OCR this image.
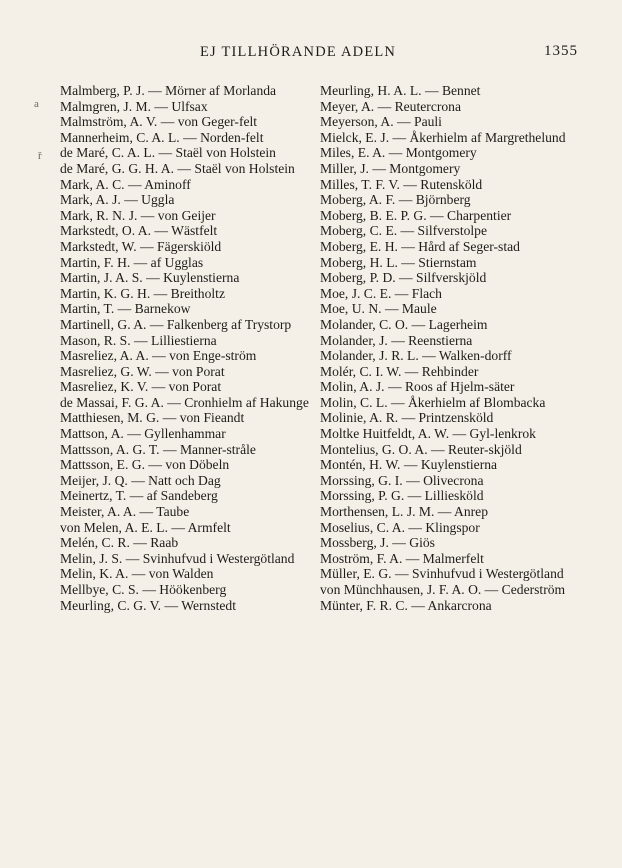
EJ TILLHÖRANDE ADELN	1355
a
ř
Malmberg, P. J. — Mörner af Morlanda
Malmgren, J. M. — Ulfsax
Malmström, A. V. — von Geger-felt
Mannerheim, C. A. L. — Norden-felt
de Maré, C. A. L. — Staël von Holstein
de Maré, G. G. H. A. — Staël von Holstein
Mark, A. C. — Aminoff
Mark, A. J. — Uggla
Mark, R. N. J. — von Geijer
Markstedt, O. A. — Wästfelt
Markstedt, W. — Fägerskiöld
Martin, F. H. — af Ugglas
Martin, J. A. S. — Kuylenstierna
Martin, K. G. H. — Breitholtz
Martin, T. — Barnekow
Martinell, G. A. — Falkenberg af Trystorp
Mason, R. S. — Lilliestierna
Masreliez, A. A. — von Enge-ström
Masreliez, G. W. — von Porat
Masreliez, K. V. — von Porat
de Massai, F. G. A. — Cronhielm af Hakunge
Matthiesen, M. G. — von Fieandt
Mattson, A. — Gyllenhammar
Mattsson, A. G. T. — Manner-stråle
Mattsson, E. G. — von Döbeln
Meijer, J. Q. — Natt och Dag
Meinertz, T. — af Sandeberg
Meister, A. A. — Taube
von Melen, A. E. L. — Armfelt
Melén, C. R. — Raab
Melin, J. S. — Svinhufvud i Westergötland
Melin, K. A. — von Walden
Mellbye, C. S. — Höökenberg
Meurling, C. G. V. — Wernstedt
Meurling, H. A. L. — Bennet
Meyer, A. — Reutercrona
Meyerson, A. — Pauli
Mielck, E. J. — Åkerhielm af Margrethelund
Miles, E. A. — Montgomery
Miller, J. — Montgomery
Milles, T. F. V. — Rutensköld
Moberg, A. F. — Björnberg
Moberg, B. E. P. G. — Charpentier
Moberg, C. E. — Silfverstolpe
Moberg, E. H. — Hård af Seger-stad
Moberg, H. L. — Stiernstam
Moberg, P. D. — Silfverskjöld
Moe, J. C. E. — Flach
Moe, U. N. — Maule
Molander, C. O. — Lagerheim
Molander, J. — Reenstierna
Molander, J. R. L. — Walken-dorff
Molér, C. I. W. — Rehbinder
Molin, A. J. — Roos af Hjelm-säter
Molin, C. L. — Åkerhielm af Blombacka
Molinie, A. R. — Printzensköld
Moltke Huitfeldt, A. W. — Gyl-lenkrok
Montelius, G. O. A. — Reuter-skjöld
Montén, H. W. — Kuylenstierna
Morssing, G. I. — Olivecrona
Morssing, P. G. — Lilliesköld
Morthensen, L. J. M. — Anrep
Moselius, C. A. — Klingspor
Mossberg, J. — Giös
Moström, F. A. — Malmerfelt
Müller, E. G. — Svinhufvud i Westergötland
von Münchhausen, J. F. A. O. — Cederström
Münter, F. R. C. — Ankarcrona
